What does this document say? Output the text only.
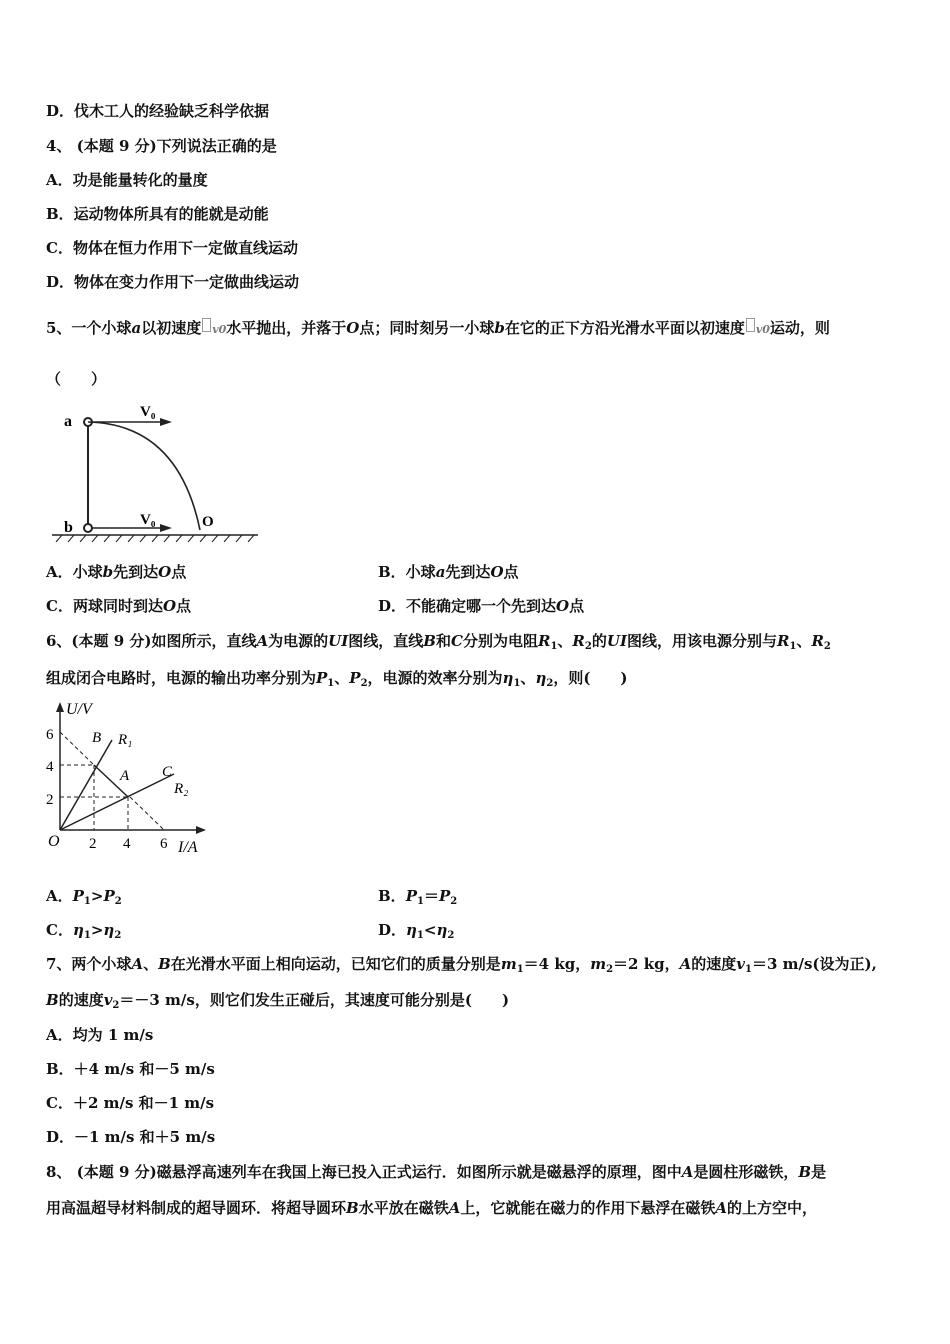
D．伐木工人的经验缺乏科学依据
4、 (本题 9 分)下列说法正确的是
A．功是能量转化的量度
B．运动物体所具有的能就是动能
C．物体在恒力作用下一定做直线运动
D．物体在变力作用下一定做曲线运动
5、一个小球a以初速度 v0水平抛出，并落于O点；同时刻另一小球b在它的正下方沿光滑水平面以初速度 v0运动，则
（　　）
a
b
V₀
V₀	O
A．小球b先到达O点	B．小球a先到达O点
C．两球同时到达O点	D．不能确定哪一个先到达O点
6、(本题 9 分)如图所示，直线A为电源的UI图线，直线B和C分别为电阻$R_1$、$R_2$的UI图线，用该电源分别与$R_1$、$R_2$
组成闭合电路时，电源的输出功率分别为$P_1$、$P_2$，电源的效率分别为$\eta_1$、$\eta_2$，则(　　)
U/V
I/A
O
6
4
2
2 4 6
B R₁
A C
R₂
A．$P_1>P_2$	B．$P_1=P_2$
C．$\eta_1>\eta_2$	D．$\eta_1<\eta_2$
7、两个小球A、B在光滑水平面上相向运动，已知它们的质量分别是$m_1=4$ kg，$m_2=2$ kg，A的速度$v_1=3$ m/s(设为正),
B的速度$v_2=-3$ m/s，则它们发生正碰后，其速度可能分别是(　　)
A．均为 1 m/s
B．＋4 m/s 和－5 m/s
C．＋2 m/s 和－1 m/s
D．－1 m/s 和＋5 m/s
8、 (本题 9 分)磁悬浮高速列车在我国上海已投入正式运行．如图所示就是磁悬浮的原理，图中A是圆柱形磁铁，B是
用高温超导材料制成的超导圆环．将超导圆环B水平放在磁铁A上，它就能在磁力的作用下悬浮在磁铁A的上方空中，
